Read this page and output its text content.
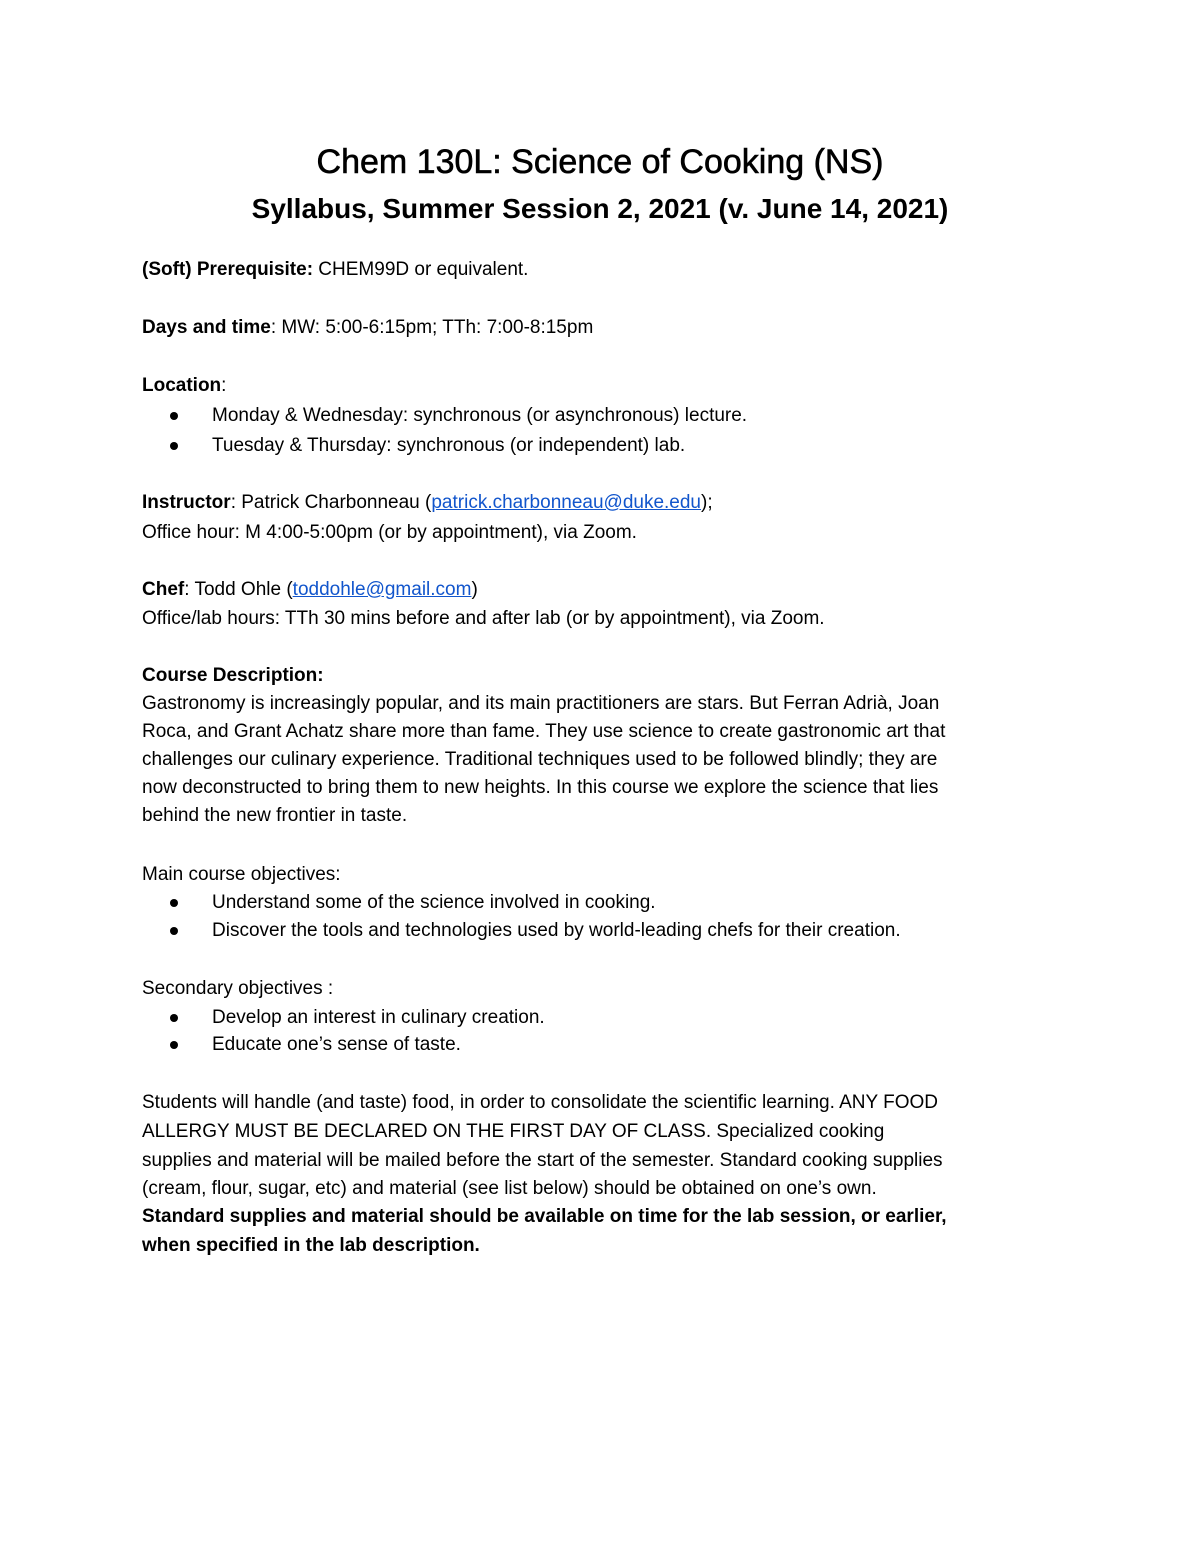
Chem 130L: Science of Cooking (NS)
Syllabus, Summer Session 2, 2021 (v. June 14, 2021)
(Soft) Prerequisite: CHEM99D or equivalent.
Days and time: MW: 5:00-6:15pm; TTh: 7:00-8:15pm
Location:
Monday & Wednesday: synchronous (or asynchronous) lecture.
Tuesday & Thursday: synchronous (or independent) lab.
Instructor: Patrick Charbonneau (patrick.charbonneau@duke.edu);
Office hour: M 4:00-5:00pm (or by appointment), via Zoom.
Chef: Todd Ohle (toddohle@gmail.com)
Office/lab hours: TTh 30 mins before and after lab (or by appointment), via Zoom.
Course Description:
Gastronomy is increasingly popular, and its main practitioners are stars. But Ferran Adrià, Joan
Roca, and Grant Achatz share more than fame. They use science to create gastronomic art that
challenges our culinary experience. Traditional techniques used to be followed blindly; they are
now deconstructed to bring them to new heights. In this course we explore the science that lies
behind the new frontier in taste.
Main course objectives:
Understand some of the science involved in cooking.
Discover the tools and technologies used by world-leading chefs for their creation.
Secondary objectives :
Develop an interest in culinary creation.
Educate one’s sense of taste.
Students will handle (and taste) food, in order to consolidate the scientific learning. ANY FOOD
ALLERGY MUST BE DECLARED ON THE FIRST DAY OF CLASS. Specialized cooking
supplies and material will be mailed before the start of the semester. Standard cooking supplies
(cream, flour, sugar, etc) and material (see list below) should be obtained on one’s own.
Standard supplies and material should be available on time for the lab session, or earlier,
when specified in the lab description.
